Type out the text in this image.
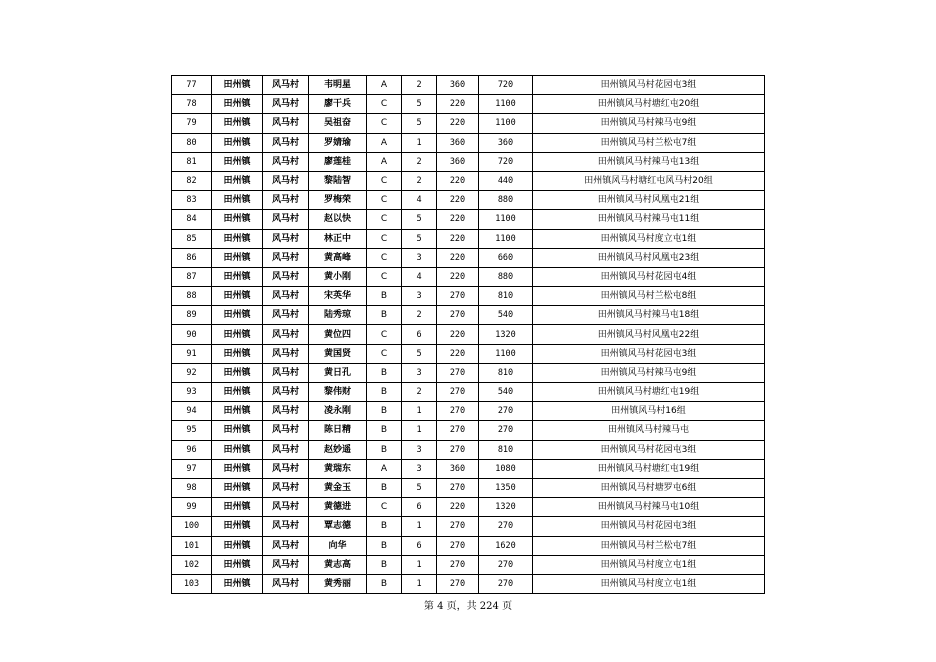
77	田州镇	风马村	韦明星	A	2	360	720	田州镇风马村花园屯3组
78	田州镇	风马村	廖干兵	C	5	220	1100	田州镇风马村塘红屯20组
79	田州镇	风马村	吴祖奋	C	5	220	1100	田州镇风马村辣马屯9组
80	田州镇	风马村	罗婧瑜	A	1	360	360	田州镇风马村兰松屯7组
81	田州镇	风马村	廖莲桂	A	2	360	720	田州镇风马村辣马屯13组
82	田州镇	风马村	黎陆智	C	2	220	440	田州镇风马村塘红屯风马村20组
83	田州镇	风马村	罗梅荣	C	4	220	880	田州镇风马村风凰屯21组
84	田州镇	风马村	赵以快	C	5	220	1100	田州镇风马村辣马屯11组
85	田州镇	风马村	林正中	C	5	220	1100	田州镇风马村度立屯1组
86	田州镇	风马村	黄高峰	C	3	220	660	田州镇风马村风凰屯23组
87	田州镇	风马村	黄小刚	C	4	220	880	田州镇风马村花园屯4组
88	田州镇	风马村	宋英华	B	3	270	810	田州镇风马村兰松屯8组
89	田州镇	风马村	陆秀琼	B	2	270	540	田州镇风马村辣马屯18组
90	田州镇	风马村	黄位四	C	6	220	1320	田州镇风马村风凰屯22组
91	田州镇	风马村	黄国贤	C	5	220	1100	田州镇风马村花园屯3组
92	田州镇	风马村	黄日孔	B	3	270	810	田州镇风马村辣马屯9组
93	田州镇	风马村	黎伟财	B	2	270	540	田州镇风马村塘红屯19组
94	田州镇	风马村	凌永刚	B	1	270	270	田州镇风马村16组
95	田州镇	风马村	陈日精	B	1	270	270	田州镇风马村辣马屯
96	田州镇	风马村	赵妙遥	B	3	270	810	田州镇风马村花园屯3组
97	田州镇	风马村	黄瑞东	A	3	360	1080	田州镇风马村塘红屯19组
98	田州镇	风马村	黄金玉	B	5	270	1350	田州镇风马村塘罗屯6组
99	田州镇	风马村	黄德进	C	6	220	1320	田州镇风马村辣马屯10组
100	田州镇	风马村	覃志德	B	1	270	270	田州镇风马村花园屯3组
101	田州镇	风马村	向华	B	6	270	1620	田州镇风马村兰松屯7组
102	田州镇	风马村	黄志高	B	1	270	270	田州镇风马村度立屯1组
103	田州镇	风马村	黄秀丽	B	1	270	270	田州镇风马村度立屯1组
第 4 页，共 224 页
